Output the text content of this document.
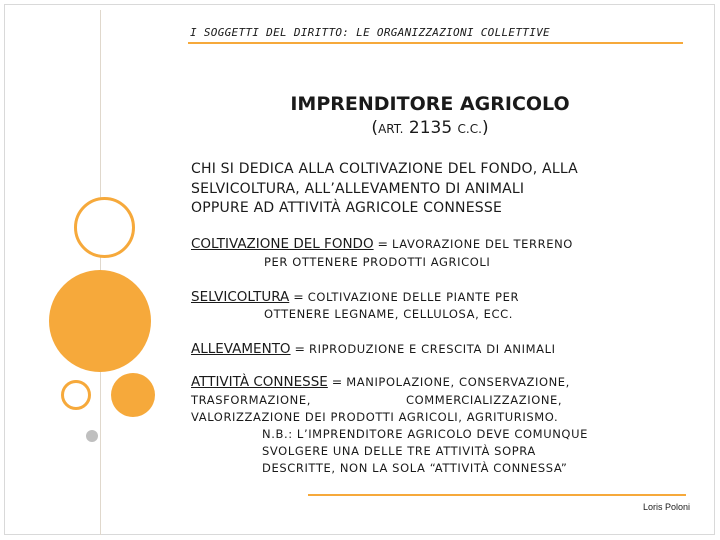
I SOGGETTI DEL DIRITTO: LE ORGANIZZAZIONI COLLETTIVE
IMPRENDITORE AGRICOLO
(ART. 2135 C.C.)
CHI SI DEDICA ALLA COLTIVAZIONE DEL FONDO, ALLA
SELVICOLTURA, ALL’ALLEVAMENTO DI ANIMALI
OPPURE AD ATTIVITÀ AGRICOLE CONNESSE
COLTIVAZIONE DEL FONDO = LAVORAZIONE DEL TERRENO
PER OTTENERE PRODOTTI AGRICOLI
SELVICOLTURA = COLTIVAZIONE DELLE PIANTE PER
OTTENERE LEGNAME, CELLULOSA, ECC.
ALLEVAMENTO = RIPRODUZIONE E CRESCITA DI ANIMALI
ATTIVITÀ CONNESSE = MANIPOLAZIONE, CONSERVAZIONE,
TRASFORMAZIONE,	COMMERCIALIZZAZIONE,
VALORIZZAZIONE DEI PRODOTTI AGRICOLI, AGRITURISMO.
N.B.: L’IMPRENDITORE AGRICOLO DEVE COMUNQUE
SVOLGERE UNA DELLE TRE ATTIVITÀ SOPRA
DESCRITTE, NON LA SOLA “ATTIVITÀ CONNESSA”
Loris Poloni
